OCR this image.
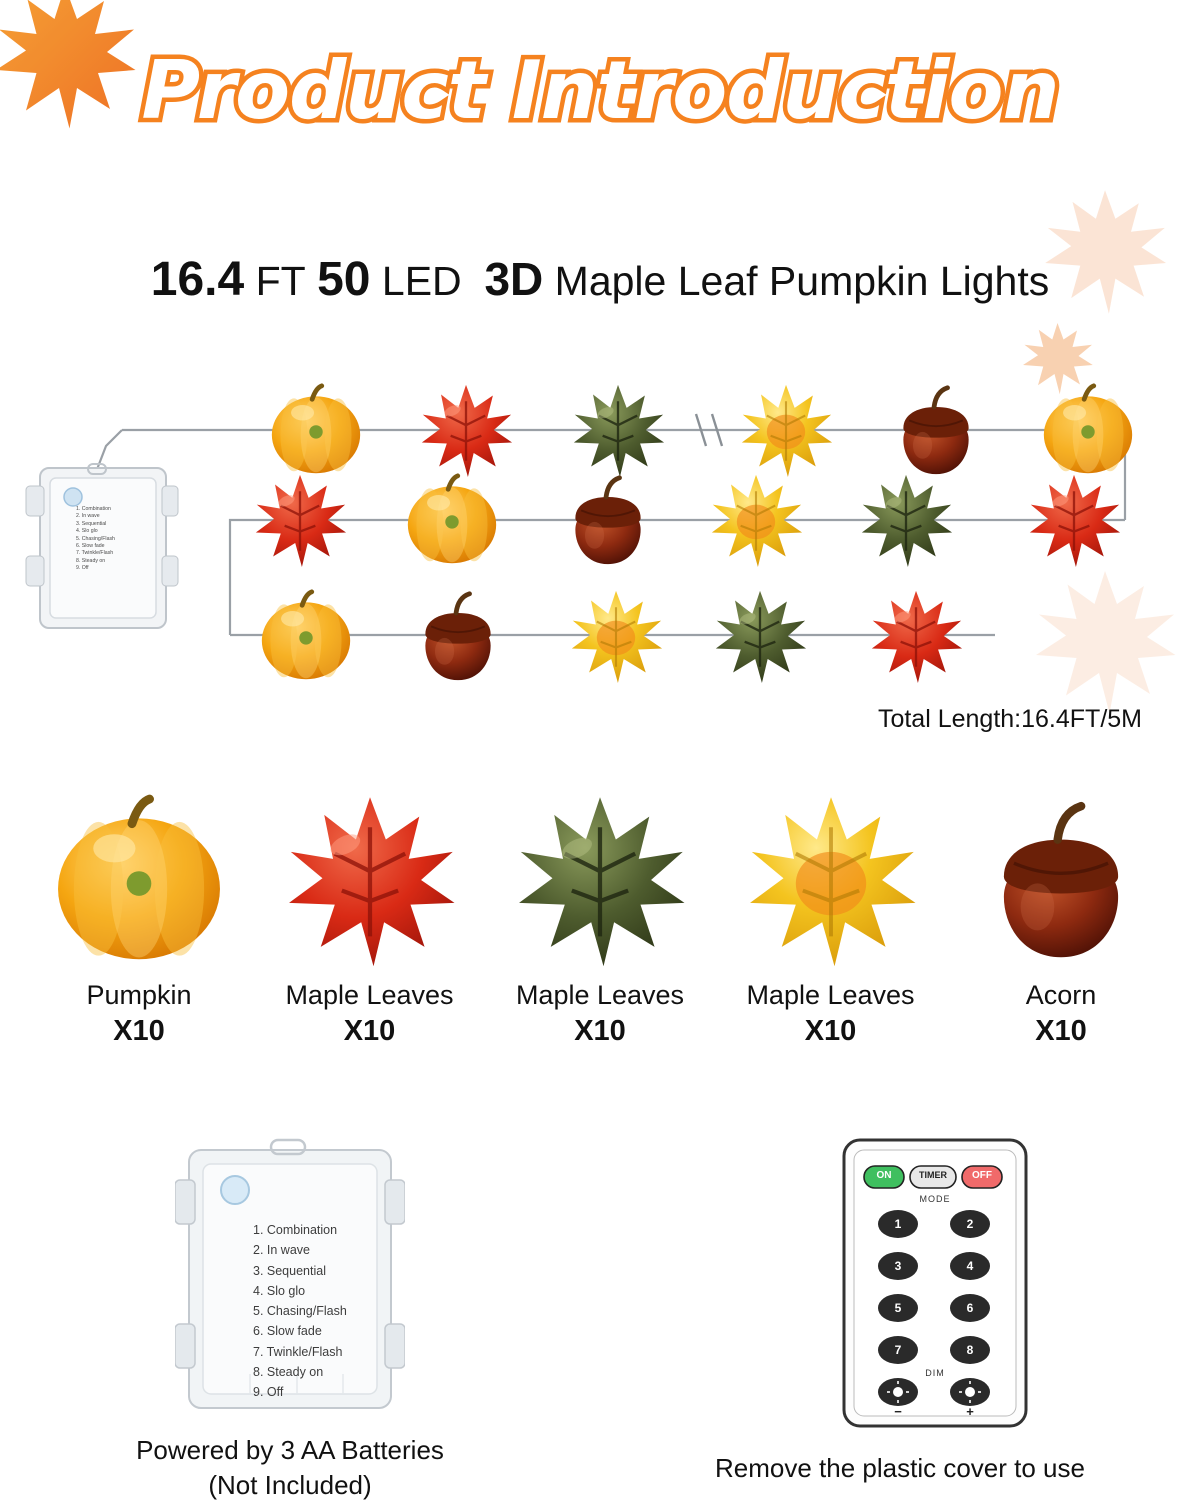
Product Introduction
16.4 FT 50 LED 3D Maple Leaf Pumpkin Lights
1. Combination
2. In wave
3. Sequential
4. Slo glo
5. Chasing/Flash
6. Slow fade
7. Twinkle/Flash
8. Steady on
9. Off
Total Length:16.4FT/5M
Pumpkin
X10
Maple Leaves
X10
Maple Leaves
X10
Maple Leaves
X10
Acorn
X10
1. Combination
2. In wave
3. Sequential
4. Slo glo
5. Chasing/Flash
6. Slow fade
7. Twinkle/Flash
8. Steady on
9. Off
Powered by 3 AA Batteries
(Not Included)
ON	TIMER	OFF
MODE
1	2
3	4
5	6
7	8
DIM
−	+
Remove the plastic cover to use
